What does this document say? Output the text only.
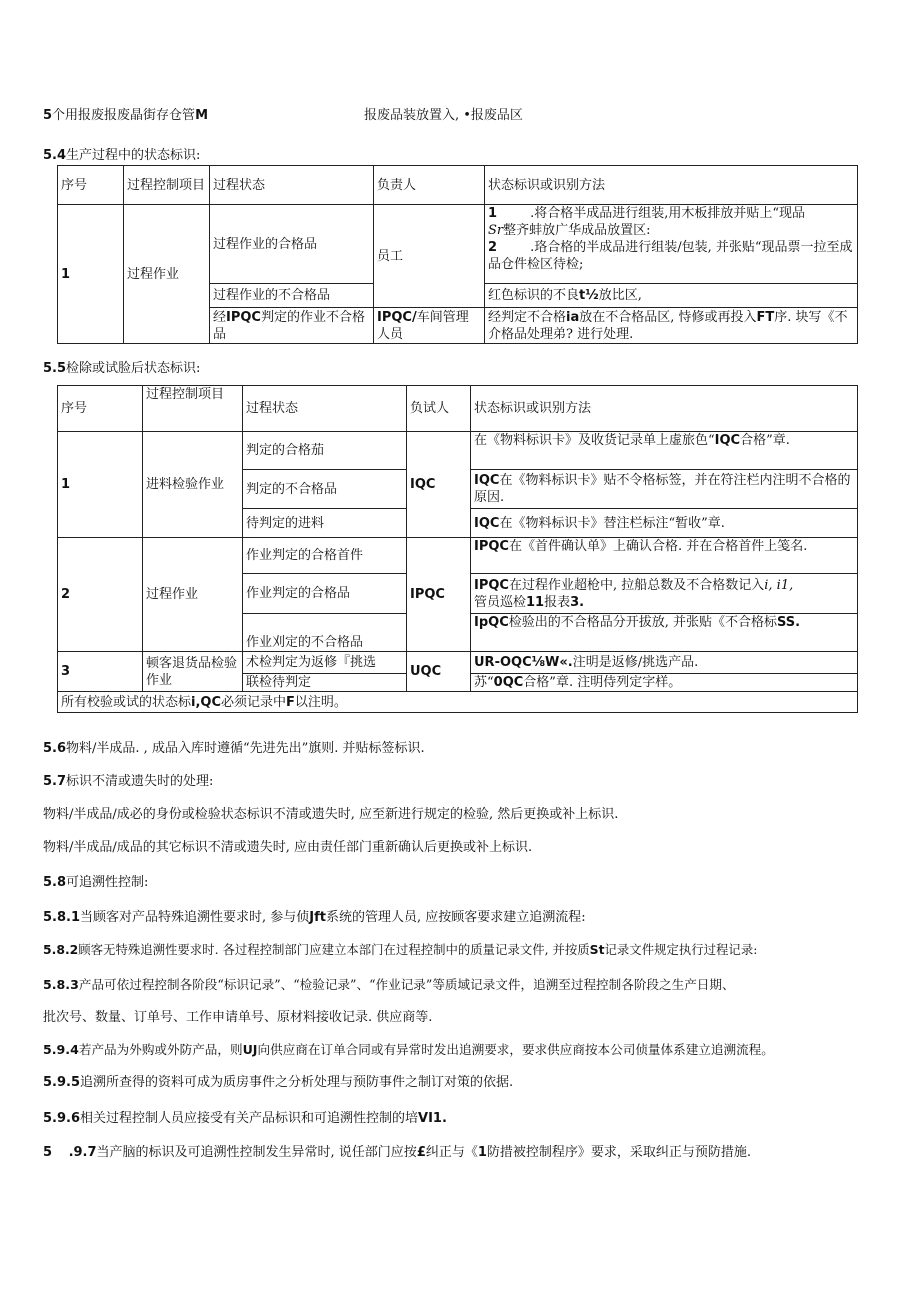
5个用报废报废晶街存仓管M	报废品装放置入, •报废品区
5.4生产过程中的状态标识:
序号	过程控制项目	过程状态	负责人	状态标识或识别方法
1	过程作业	过程作业的合格品	员工	1 .将合格半成品进行组装,用木板排放并贴上“现品
Sr整齐蚌放广华成品放置区:
2 .珞合格的半成品进行组装/包装, 并张贴“现品票一拉至成品仓件检区待检;

		过程作业的不合格品		红色标识的不良t½放比区,
		经IPQC判定的作业不合格品	IPQC/车间管理人员	经判定不合格ia放在不合格品区, 恃修或再投入FT序. 块写《不介格品处理弟? 进行处理.
5.5检除或试脸后状态标识:
序号	过程控制项目	过程状态	负试人	状态标识或识别方法
1	进料检验作业	判定的合格茄	IQC	在《物料标识卡》及收货记录单上虚旅色“IQC合格”章.
		判定的不合格品		IQC在《物料标识卡》贴不令格标签，并在符注栏内注明不合格的原因.
		待判定的进料		IQC在《物料标识卡》替注栏标注“暂收”章.
2	过程作业	作业判定的合格首件	IPQC	IPQC在《首件确认单》上确认合格. 并在合格首件上笺名.
		作业判定的合格品		IPQC在过程作业超枪中, 拉船总数及不合格数记入i, i1,
管员巡检11报表3.

		作业刈定的不合格品		IpQC检验出的不合格品分开拔放, 并张贴《不合格标SS.
3	顿客退货品检验作业	术检判定为返修『挑选	UQC	UR-OQC⅛W«.注明是返修/挑选产品.
		联检待判定		苏“0QC合格”章. 注明侍列定字样。
所有校验或试的状态标i,QC必须记录中F以注明。				
5.6物料/半成品. , 成品入库时遵循“先进先出”旗则. 并贴标签标识.
5.7标识不清或遗失时的处理:
物料/半成品/成必的身份或检验状态标识不清或遗失时, 应至新进行规定的检验, 然后更换或补上标识.
物料/半成品/成品的其它标识不清或遗失时, 应由责任部门重新确认后更换或补上标识.
5.8可追溯性控制:
5.8.1当顾客对产品特殊追溯性要求时, 参与侦Jft系统的管理人员, 应按顾客要求建立追溯流程:
5.8.2顾客无特殊追溯性要求时. 各过程控制部门应建立本部门在过程控制中的质量记录文件, 并按质St记录文件规定执行过程记录:
5.8.3产品可依过程控制各阶段“标识记录”、“检验记录”、“作业记录”等质域记录文件，追溯至过程控制各阶段之生产日期、
批次号、数量、订单号、工作申请单号、原材料接收记录. 供应商等.
5.9.4若产品为外购或外防产品，则UJ向供应商在订单合同或有异常时发出追溯要求，要求供应商按本公司侦量体系建立追溯流程。
5.9.5追溯所查得的资料可成为质房事件之分析处理与预防事件之制订对策的依据.
5.9.6相关过程控制人员应接受有关产品标识和可追溯性控制的培VI1.
5 .9.7当产脑的标识及可追溯性控制发生异常时, 说任部门应按£纠正与《1防措被控制程序》要求，采取纠正与预防措施.
